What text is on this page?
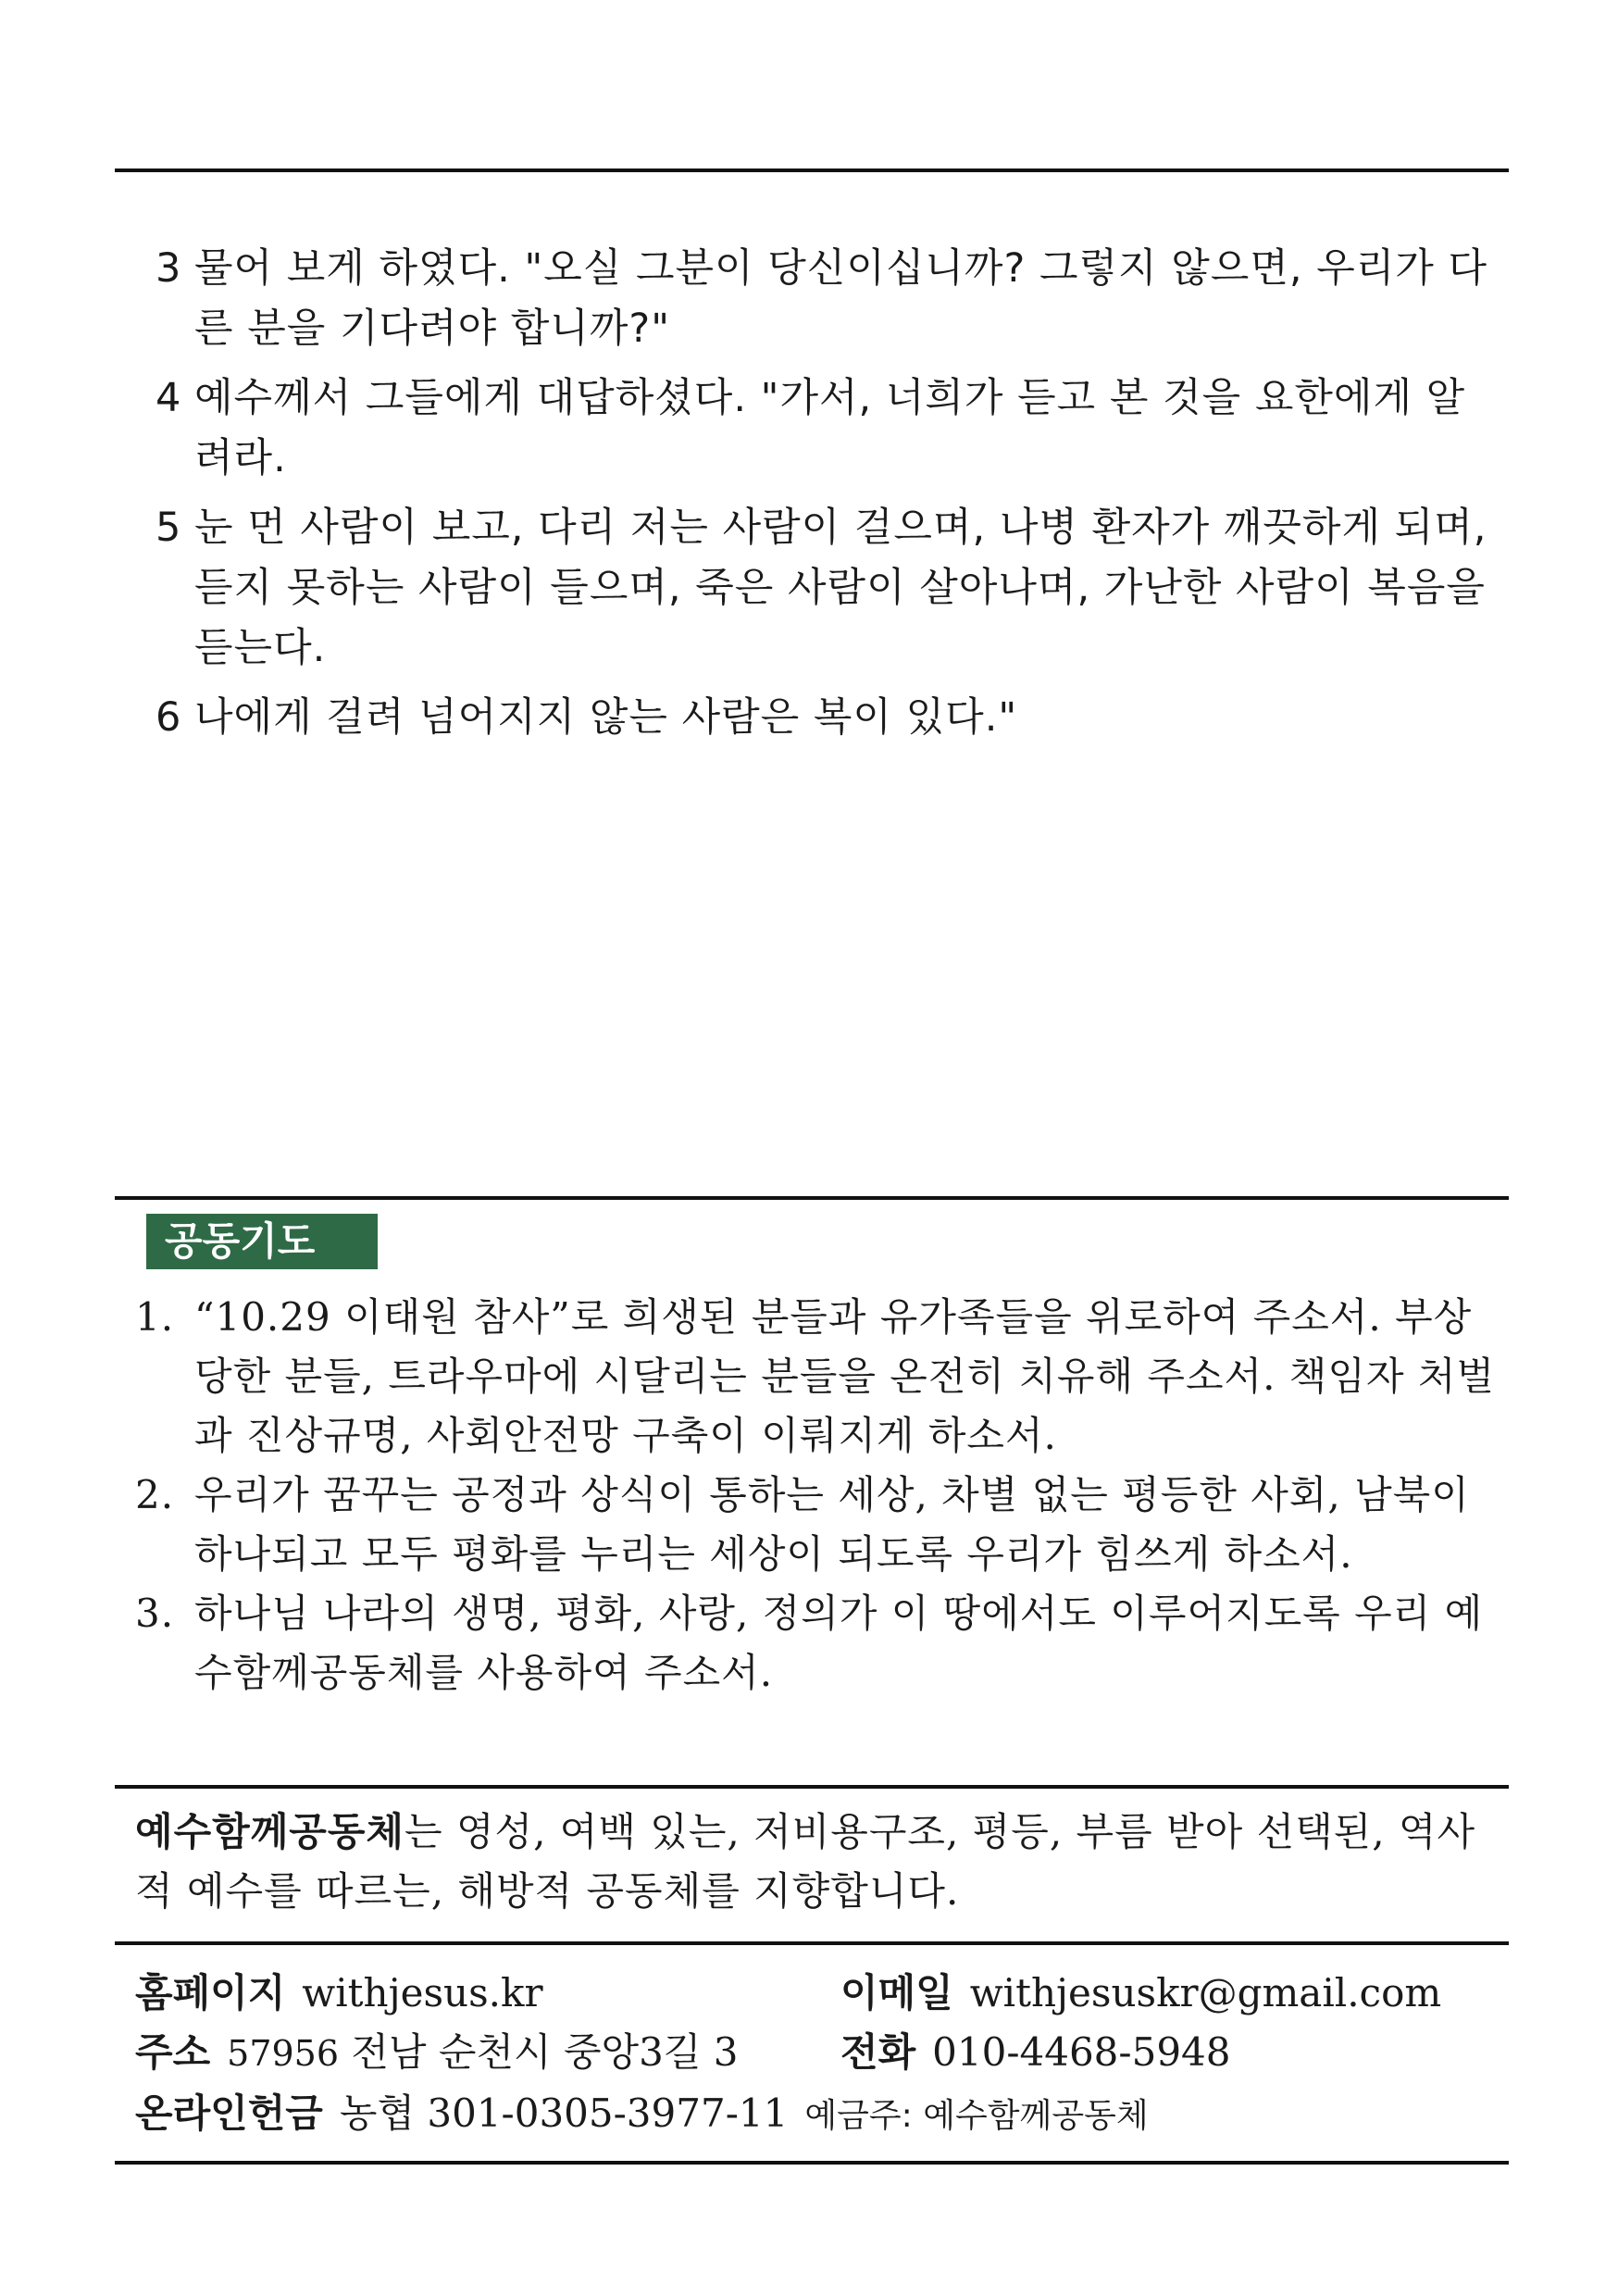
3 물어 보게 하였다. "오실 그분이 당신이십니까? 그렇지 않으면, 우리가 다른 분을 기다려야 합니까?"
4 예수께서 그들에게 대답하셨다. "가서, 너희가 듣고 본 것을 요한에게 알려라.
5 눈 먼 사람이 보고, 다리 저는 사람이 걸으며, 나병 환자가 깨끗하게 되며, 듣지 못하는 사람이 들으며, 죽은 사람이 살아나며, 가난한 사람이 복음을 듣는다.
6 나에게 걸려 넘어지지 않는 사람은 복이 있다."
공동기도
1. “10.29 이태원 참사”로 희생된 분들과 유가족들을 위로하여 주소서. 부상당한 분들, 트라우마에 시달리는 분들을 온전히 치유해 주소서. 책임자 처벌과 진상규명, 사회안전망 구축이 이뤄지게 하소서.
2. 우리가 꿈꾸는 공정과 상식이 통하는 세상, 차별 없는 평등한 사회, 남북이 하나되고 모두 평화를 누리는 세상이 되도록 우리가 힘쓰게 하소서.
3. 하나님 나라의 생명, 평화, 사랑, 정의가 이 땅에서도 이루어지도록 우리 예수함께공동체를 사용하여 주소서.
예수함께공동체는 영성, 여백 있는, 저비용구조, 평등, 부름 받아 선택된, 역사적 예수를 따르는, 해방적 공동체를 지향합니다.
홈페이지 withjesus.kr	이메일 withjesuskr@gmail.com
주소 57956 전남 순천시 중앙3길 3	전화 010-4468-5948
온라인헌금 농협 301-0305-3977-11 예금주: 예수함께공동체
